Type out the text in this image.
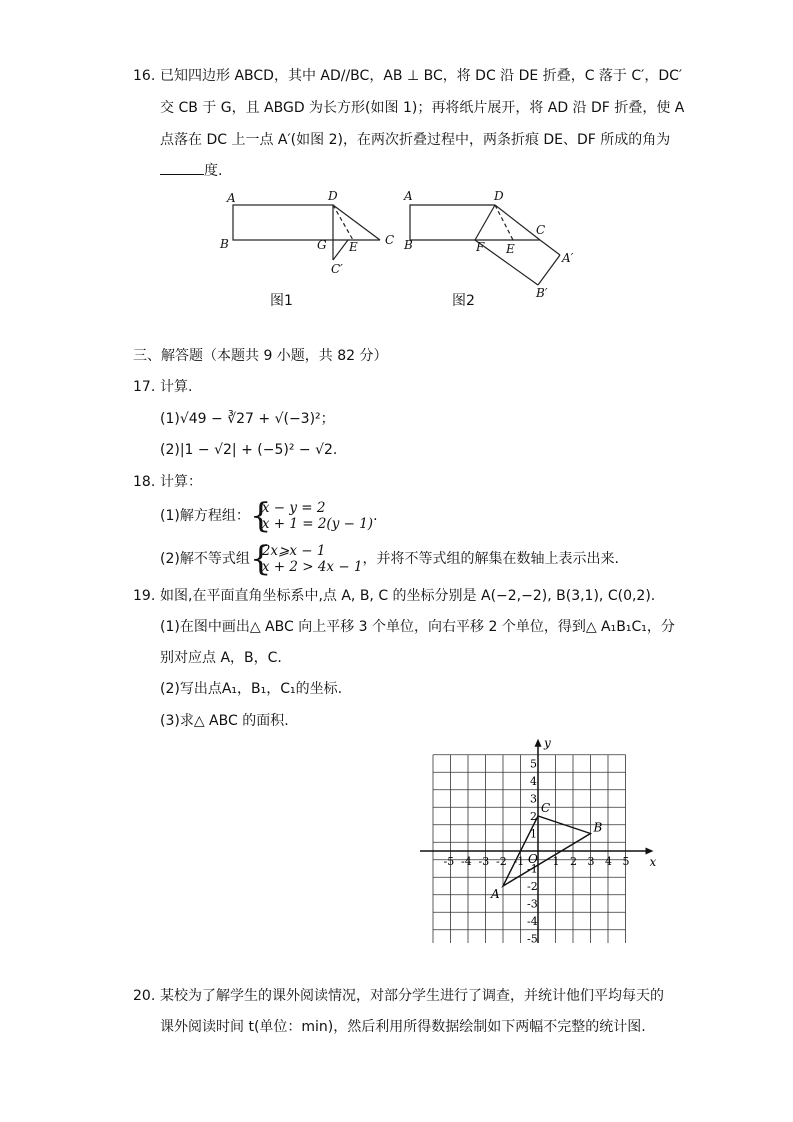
16. 已知四边形 ABCD，其中 AD//BC，AB ⊥ BC，将 DC 沿 DE 折叠，C 落于 C′，DC′
交 CB 于 G，且 ABGD 为长方形(如图 1)；再将纸片展开，将 AD 沿 DF 折叠，使 A
点落在 DC 上一点 A′(如图 2)，在两次折叠过程中，两条折痕 DE、DF 所成的角为
度.
A
B
D
G E C
C′
图1
A
B
D
C
F E
A′
B′
图2
三、解答题（本题共 9 小题，共 82 分）
17. 计算.
(1)√49 − ∛27 + √(−3)²；
(2)|1 − √2| + (−5)² − √2.
18. 计算：
(1)解方程组： {
x − y = 2
x + 1 = 2(y − 1) .
(2)解不等式组 {
2x⩾x − 1
x + 2 > 4x − 1 ，并将不等式组的解集在数轴上表示出来.
19. 如图,在平面直角坐标系中,点 A, B, C 的坐标分别是 A(−2,−2), B(3,1), C(0,2).
(1)在图中画出△ ABC 向上平移 3 个单位，向右平移 2 个单位，得到△ A₁B₁C₁，分
别对应点 A，B，C.
(2)写出点A₁，B₁，C₁的坐标.
(3)求△ ABC 的面积.
x
y
O
-5 -4 -3 -2 -1	1 2 3 4 5
5
4
3
2
1
-1
-2
-3
-4
-5
A
B
C
20. 某校为了解学生的课外阅读情况，对部分学生进行了调查，并统计他们平均每天的
课外阅读时间 t(单位：min)，然后利用所得数据绘制如下两幅不完整的统计图.
